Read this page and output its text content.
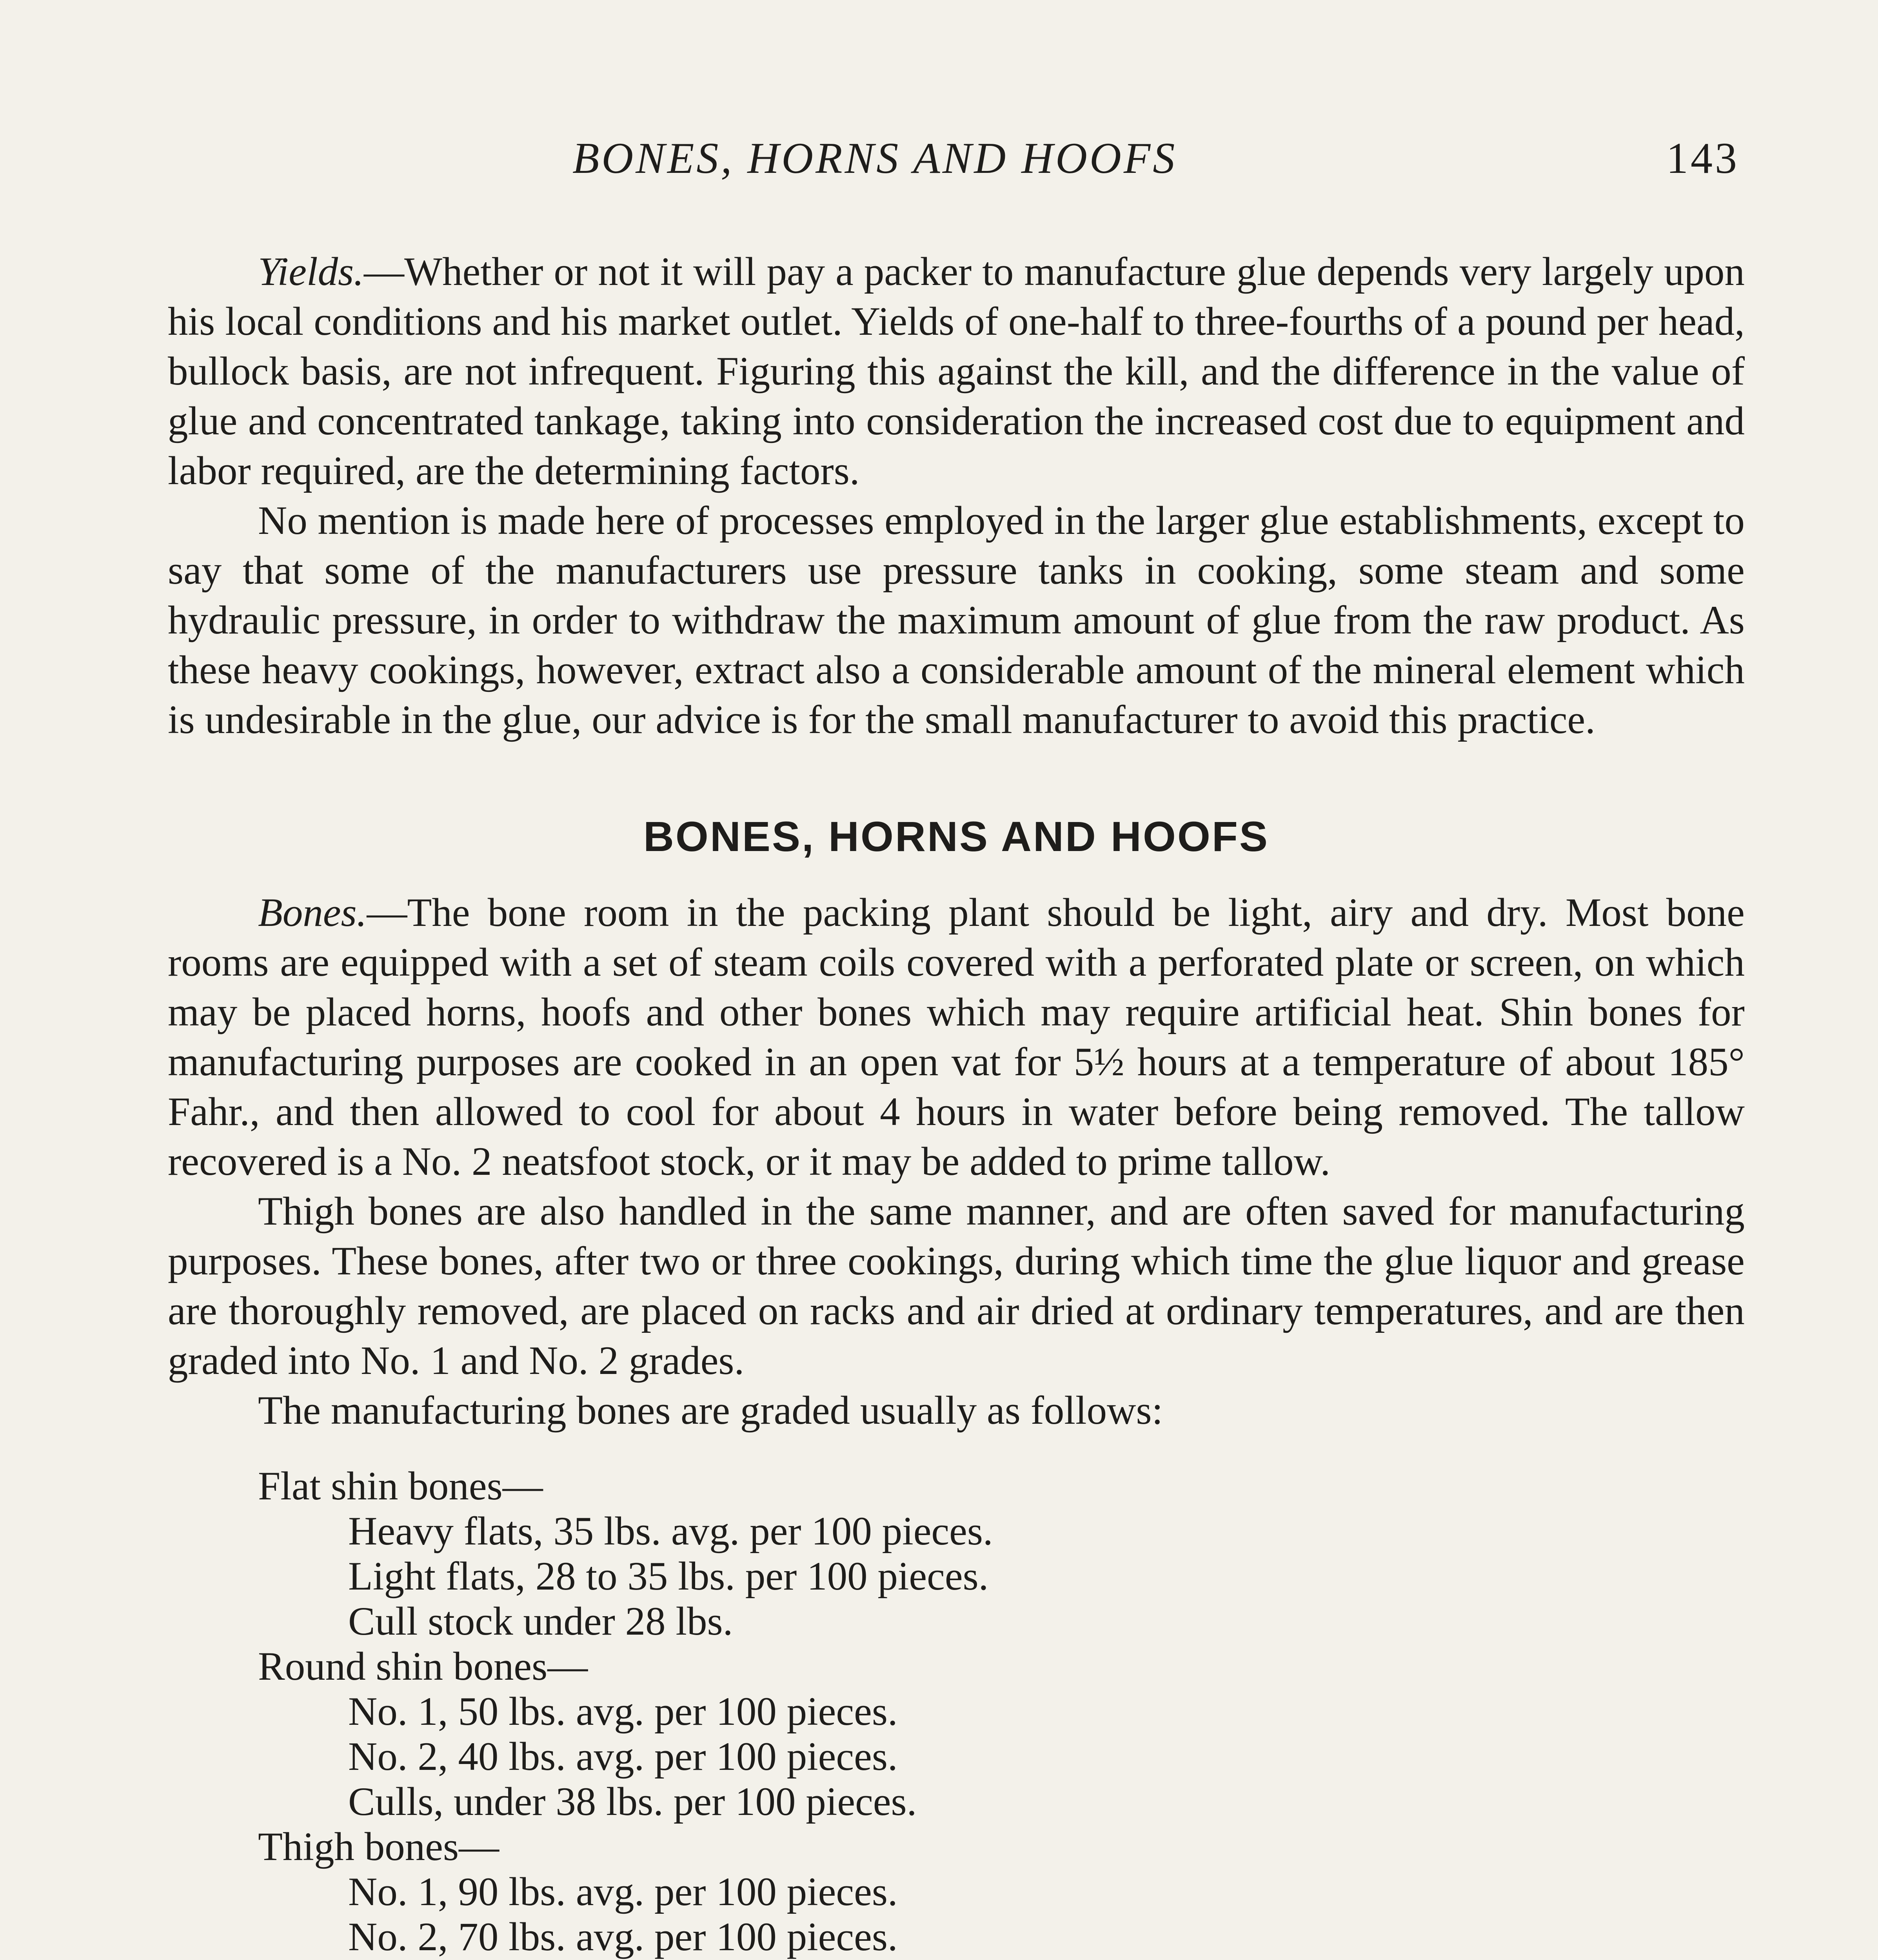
BONES, HORNS AND HOOFS	143

Yields.—Whether or not it will pay a packer to manufacture glue depends very largely upon his local conditions and his market outlet. Yields of one-half to three-fourths of a pound per head, bullock basis, are not infrequent. Figuring this against the kill, and the difference in the value of glue and concentrated tankage, taking into consideration the increased cost due to equipment and labor required, are the determining factors.

No mention is made here of processes employed in the larger glue establishments, except to say that some of the manufacturers use pressure tanks in cooking, some steam and some hydraulic pressure, in order to withdraw the maximum amount of glue from the raw product. As these heavy cookings, however, extract also a considerable amount of the mineral element which is undesirable in the glue, our advice is for the small manufacturer to avoid this practice.

BONES, HORNS AND HOOFS

Bones.—The bone room in the packing plant should be light, airy and dry. Most bone rooms are equipped with a set of steam coils covered with a perforated plate or screen, on which may be placed horns, hoofs and other bones which may require artificial heat. Shin bones for manufacturing purposes are cooked in an open vat for 5½ hours at a temperature of about 185° Fahr., and then allowed to cool for about 4 hours in water before being removed. The tallow recovered is a No. 2 neatsfoot stock, or it may be added to prime tallow.

Thigh bones are also handled in the same manner, and are often saved for manufacturing purposes. These bones, after two or three cookings, during which time the glue liquor and grease are thoroughly removed, are placed on racks and air dried at ordinary temperatures, and are then graded into No. 1 and No. 2 grades.

The manufacturing bones are graded usually as follows:

Flat shin bones—
Heavy flats, 35 lbs. avg. per 100 pieces.
Light flats, 28 to 35 lbs. per 100 pieces.
Cull stock under 28 lbs.
Round shin bones—
No. 1, 50 lbs. avg. per 100 pieces.
No. 2, 40 lbs. avg. per 100 pieces.
Culls, under 38 lbs. per 100 pieces.
Thigh bones—
No. 1, 90 lbs. avg. per 100 pieces.
No. 2, 70 lbs. avg. per 100 pieces.
